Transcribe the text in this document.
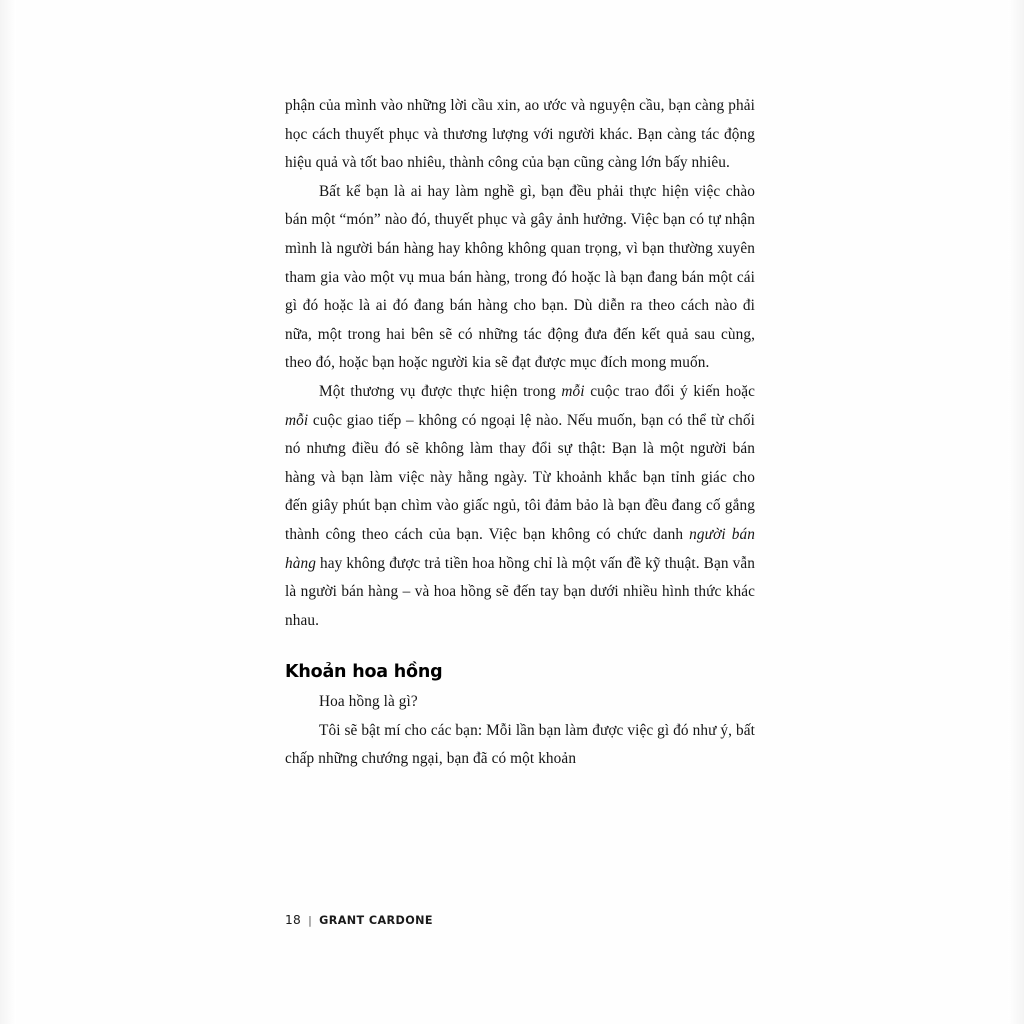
phận của mình vào những lời cầu xin, ao ước và nguyện cầu, bạn càng phải học cách thuyết phục và thương lượng với người khác. Bạn càng tác động hiệu quả và tốt bao nhiêu, thành công của bạn cũng càng lớn bấy nhiêu.

Bất kể bạn là ai hay làm nghề gì, bạn đều phải thực hiện việc chào bán một “món” nào đó, thuyết phục và gây ảnh hưởng. Việc bạn có tự nhận mình là người bán hàng hay không không quan trọng, vì bạn thường xuyên tham gia vào một vụ mua bán hàng, trong đó hoặc là bạn đang bán một cái gì đó hoặc là ai đó đang bán hàng cho bạn. Dù diễn ra theo cách nào đi nữa, một trong hai bên sẽ có những tác động đưa đến kết quả sau cùng, theo đó, hoặc bạn hoặc người kia sẽ đạt được mục đích mong muốn.

Một thương vụ được thực hiện trong mỗi cuộc trao đổi ý kiến hoặc mỗi cuộc giao tiếp – không có ngoại lệ nào. Nếu muốn, bạn có thể từ chối nó nhưng điều đó sẽ không làm thay đổi sự thật: Bạn là một người bán hàng và bạn làm việc này hằng ngày. Từ khoảnh khắc bạn tỉnh giác cho đến giây phút bạn chìm vào giấc ngủ, tôi đảm bảo là bạn đều đang cố gắng thành công theo cách của bạn. Việc bạn không có chức danh người bán hàng hay không được trả tiền hoa hồng chỉ là một vấn đề kỹ thuật. Bạn vẫn là người bán hàng – và hoa hồng sẽ đến tay bạn dưới nhiều hình thức khác nhau.

Khoản hoa hồng

Hoa hồng là gì?

Tôi sẽ bật mí cho các bạn: Mỗi lần bạn làm được việc gì đó như ý, bất chấp những chướng ngại, bạn đã có một khoản

18 | GRANT CARDONE
